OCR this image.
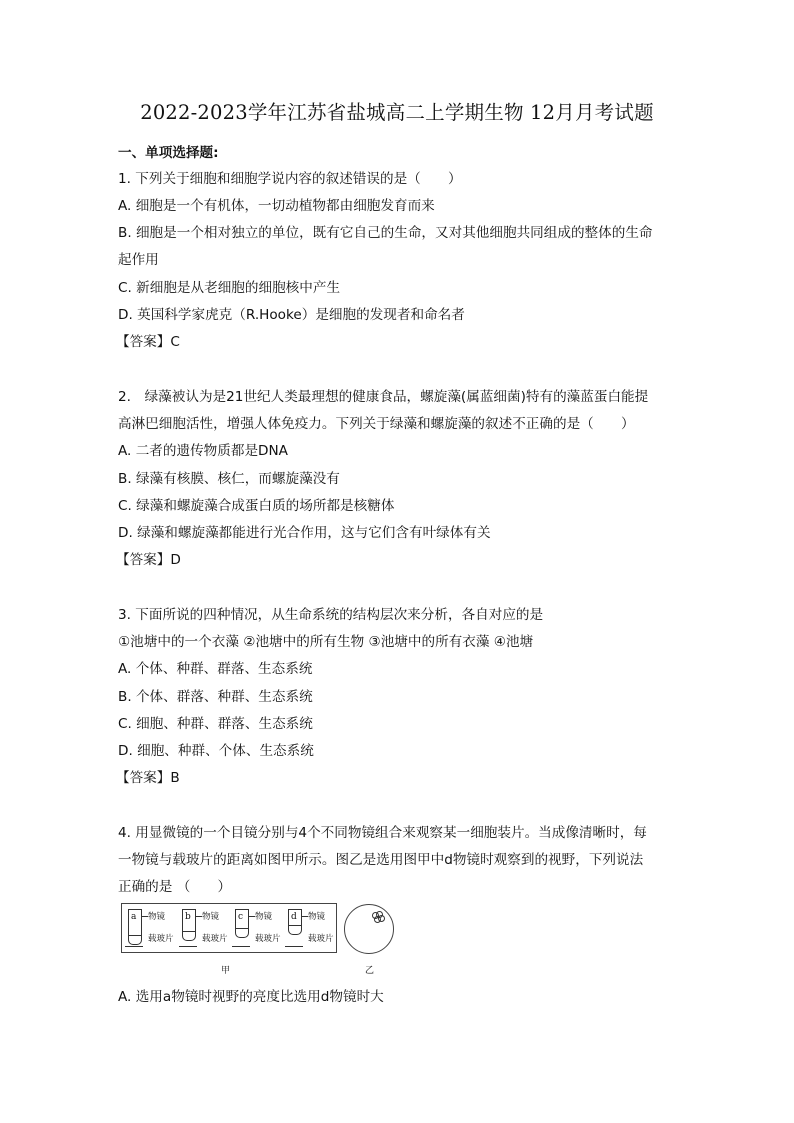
2022-2023学年江苏省盐城高二上学期生物 12月月考试题
一、单项选择题:
1. 下列关于细胞和细胞学说内容的叙述错误的是（　　）
A. 细胞是一个有机体，一切动植物都由细胞发育而来
B. 细胞是一个相对独立的单位，既有它自己的生命，又对其他细胞共同组成的整体的生命
起作用
C. 新细胞是从老细胞的细胞核中产生
D. 英国科学家虎克（R.Hooke）是细胞的发现者和命名者
【答案】C
2.　绿藻被认为是21世纪人类最理想的健康食品，螺旋藻(属蓝细菌)特有的藻蓝蛋白能提
高淋巴细胞活性，增强人体免疫力。下列关于绿藻和螺旋藻的叙述不正确的是（　　）
A. 二者的遗传物质都是DNA
B. 绿藻有核膜、核仁，而螺旋藻没有
C. 绿藻和螺旋藻合成蛋白质的场所都是核糖体
D. 绿藻和螺旋藻都能进行光合作用，这与它们含有叶绿体有关
【答案】D
3. 下面所说的四种情况，从生命系统的结构层次来分析，各自对应的是
①池塘中的一个衣藻 ②池塘中的所有生物 ③池塘中的所有衣藻 ④池塘
A. 个体、种群、群落、生态系统
B. 个体、群落、种群、生态系统
C. 细胞、种群、群落、生态系统
D. 细胞、种群、个体、生态系统
【答案】B
4. 用显微镜的一个目镜分别与4个不同物镜组合来观察某一细胞装片。当成像清晰时，每
一物镜与载玻片的距离如图甲所示。图乙是选用图甲中d物镜时观察到的视野，下列说法
正确的是 （　　）
a 物镜
载玻片
b 物镜
载玻片
c 物镜
载玻片
d 物镜
载玻片
甲	乙
A. 选用a物镜时视野的亮度比选用d物镜时大
